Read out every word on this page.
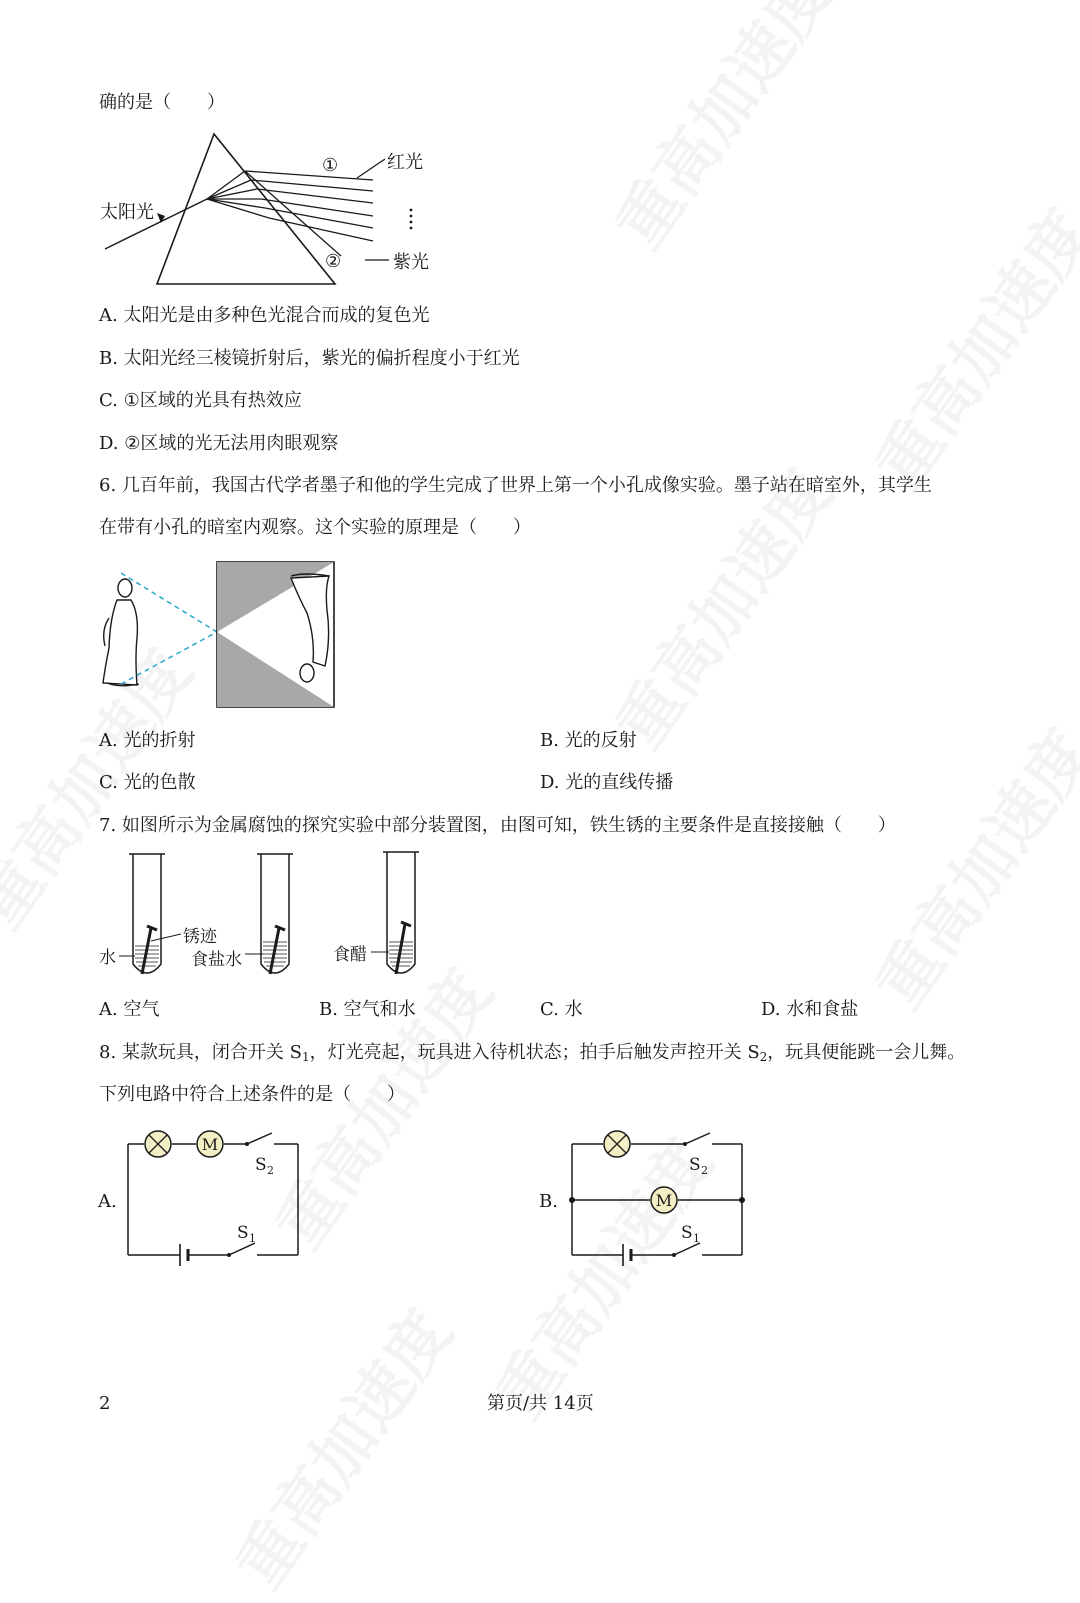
确的是（　　）
太阳光
红光
紫光
①
②
A. 太阳光是由多种色光混合而成的复色光
B. 太阳光经三棱镜折射后，紫光的偏折程度小于红光
C. ①区域的光具有热效应
D. ②区域的光无法用肉眼观察
6. 几百年前，我国古代学者墨子和他的学生完成了世界上第一个小孔成像实验。墨子站在暗室外，其学生
在带有小孔的暗室内观察。这个实验的原理是（　　）
A. 光的折射	B. 光的反射
C. 光的色散	D. 光的直线传播
7. 如图所示为金属腐蚀的探究实验中部分装置图，由图可知，铁生锈的主要条件是直接接触（　　）
锈迹
水	食盐水	食醋
A. 空气	B. 空气和水	C. 水	D. 水和食盐
8. 某款玩具，闭合开关 $S_1$，灯光亮起，玩具进入待机状态；拍手后触发声控开关 $S_2$，玩具便能跳一会儿舞。
下列电路中符合上述条件的是（　　）
A.
M
S 2
S 1
B.	M
S 2
S 1
2	第页/共 14页
